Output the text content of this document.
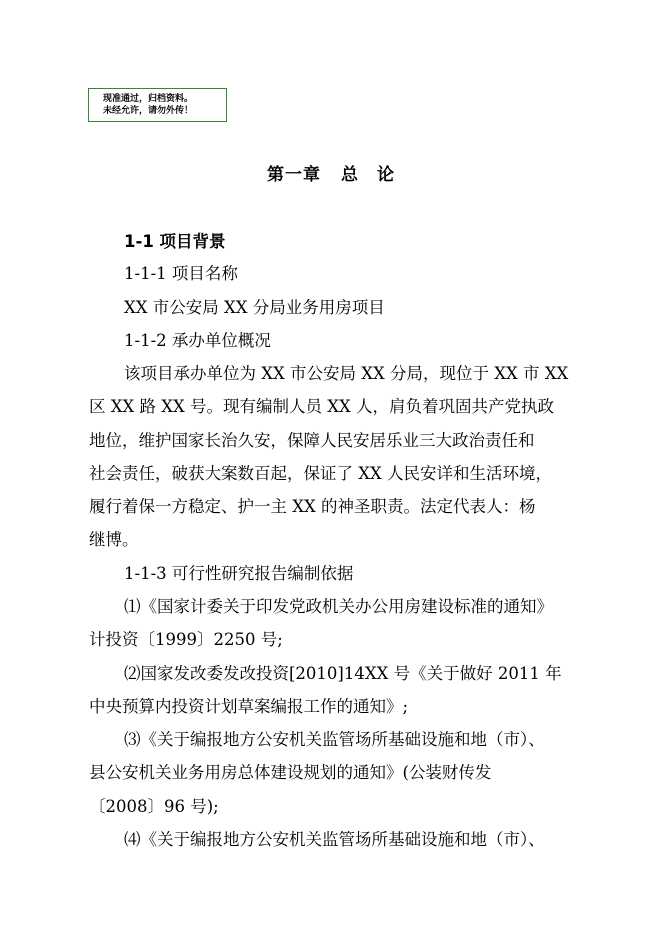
现准通过，归档资料。
未经允许，请勿外传！
第一章 总 论
1-1 项目背景
1-1-1 项目名称
XX 市公安局 XX 分局业务用房项目
1-1-2 承办单位概况
该项目承办单位为 XX 市公安局 XX 分局，现位于 XX 市 XX
区 XX 路 XX 号。现有编制人员 XX 人，肩负着巩固共产党执政
地位，维护国家长治久安，保障人民安居乐业三大政治责任和
社会责任，破获大案数百起，保证了 XX 人民安详和生活环境，
履行着保一方稳定、护一主 XX 的神圣职责。法定代表人：杨
继博。
1-1-3 可行性研究报告编制依据
⑴《国家计委关于印发党政机关办公用房建设标准的通知》
计投资〔1999〕2250 号;
⑵国家发改委发改投资[2010]14XX 号《关于做好 2011 年
中央预算内投资计划草案编报工作的通知》;
⑶《关于编报地方公安机关监管场所基础设施和地（市）、
县公安机关业务用房总体建设规划的通知》(公装财传发
〔2008〕96 号);
⑷《关于编报地方公安机关监管场所基础设施和地（市）、
